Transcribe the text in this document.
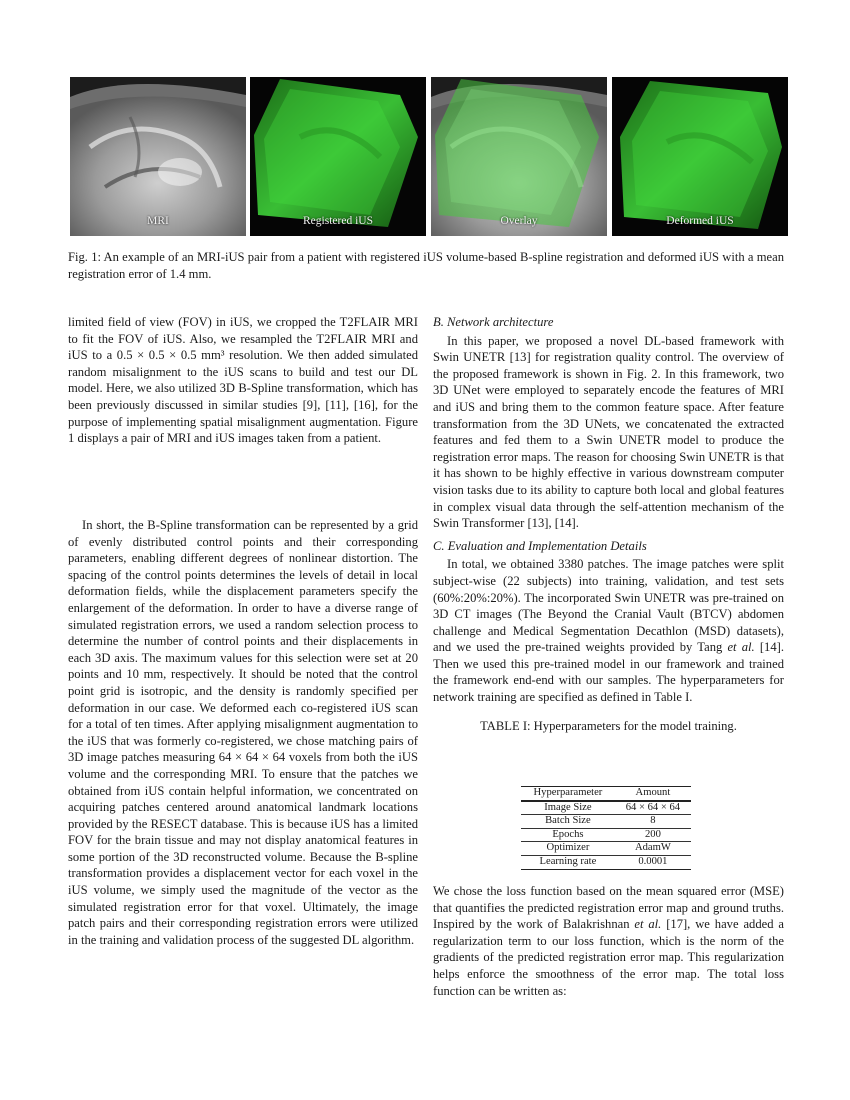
MRI	Registered iUS	Overlay	Deformed iUS
Fig. 1: An example of an MRI-iUS pair from a patient with registered iUS volume-based B-spline registration and deformed iUS with a mean registration error of 1.4 mm.

limited field of view (FOV) in iUS, we cropped the T2FLAIR MRI to fit the FOV of iUS. Also, we resampled the T2FLAIR MRI and iUS to a 0.5 × 0.5 × 0.5 mm³ resolution. We then added simulated random misalignment to the iUS scans to build and test our DL model. Here, we also utilized 3D B-Spline transformation, which has been previously discussed in similar studies [9], [11], [16], for the purpose of implementing spatial misalignment augmentation. Figure 1 displays a pair of MRI and iUS images taken from a patient.

In short, the B-Spline transformation can be represented by a grid of evenly distributed control points and their corresponding parameters, enabling different degrees of nonlinear distortion. The spacing of the control points determines the levels of detail in local deformation fields, while the displacement parameters specify the enlargement of the deformation. In order to have a diverse range of simulated registration errors, we used a random selection process to determine the number of control points and their displacements in each 3D axis. The maximum values for this selection were set at 20 points and 10 mm, respectively. It should be noted that the control point grid is isotropic, and the density is randomly specified per deformation in our case. We deformed each co-registered iUS scan for a total of ten times. After applying misalignment augmentation to the iUS that was formerly co-registered, we chose matching pairs of 3D image patches measuring 64 × 64 × 64 voxels from both the iUS volume and the corresponding MRI. To ensure that the patches we obtained from iUS contain helpful information, we concentrated on acquiring patches centered around anatomical landmark locations provided by the RESECT database. This is because iUS has a limited FOV for the brain tissue and may not display anatomical features in some portion of the 3D reconstructed volume. Because the B-spline transformation provides a displacement vector for each voxel in the iUS volume, we simply used the magnitude of the vector as the simulated registration error for that voxel. Ultimately, the image patch pairs and their corresponding registration errors were utilized in the training and validation process of the suggested DL algorithm.

B. Network architecture

In this paper, we proposed a novel DL-based framework with Swin UNETR [13] for registration quality control. The overview of the proposed framework is shown in Fig. 2. In this framework, two 3D UNet were employed to separately encode the features of MRI and iUS and bring them to the common feature space. After feature transformation from the 3D UNets, we concatenated the extracted features and fed them to a Swin UNETR model to produce the registration error maps. The reason for choosing Swin UNETR is that it has shown to be highly effective in various downstream computer vision tasks due to its ability to capture both local and global features in complex visual data through the self-attention mechanism of the Swin Transformer [13], [14].

C. Evaluation and Implementation Details

In total, we obtained 3380 patches. The image patches were split subject-wise (22 subjects) into training, validation, and test sets (60%:20%:20%). The incorporated Swin UNETR was pre-trained on 3D CT images (The Beyond the Cranial Vault (BTCV) abdomen challenge and Medical Segmentation Decathlon (MSD) datasets), and we used the pre-trained weights provided by Tang et al. [14]. Then we used this pre-trained model in our framework and trained the framework end-end with our samples. The hyperparameters for network training are specified as defined in Table I.

TABLE I: Hyperparameters for the model training.

Hyperparameter	Amount
Image Size	64 × 64 × 64
Batch Size	8
Epochs	200
Optimizer	AdamW
Learning rate	0.0001

We chose the loss function based on the mean squared error (MSE) that quantifies the predicted registration error map and ground truths. Inspired by the work of Balakrishnan et al. [17], we have added a regularization term to our loss function, which is the norm of the gradients of the predicted registration error map. This regularization helps enforce the smoothness of the error map. The total loss function can be written as:
